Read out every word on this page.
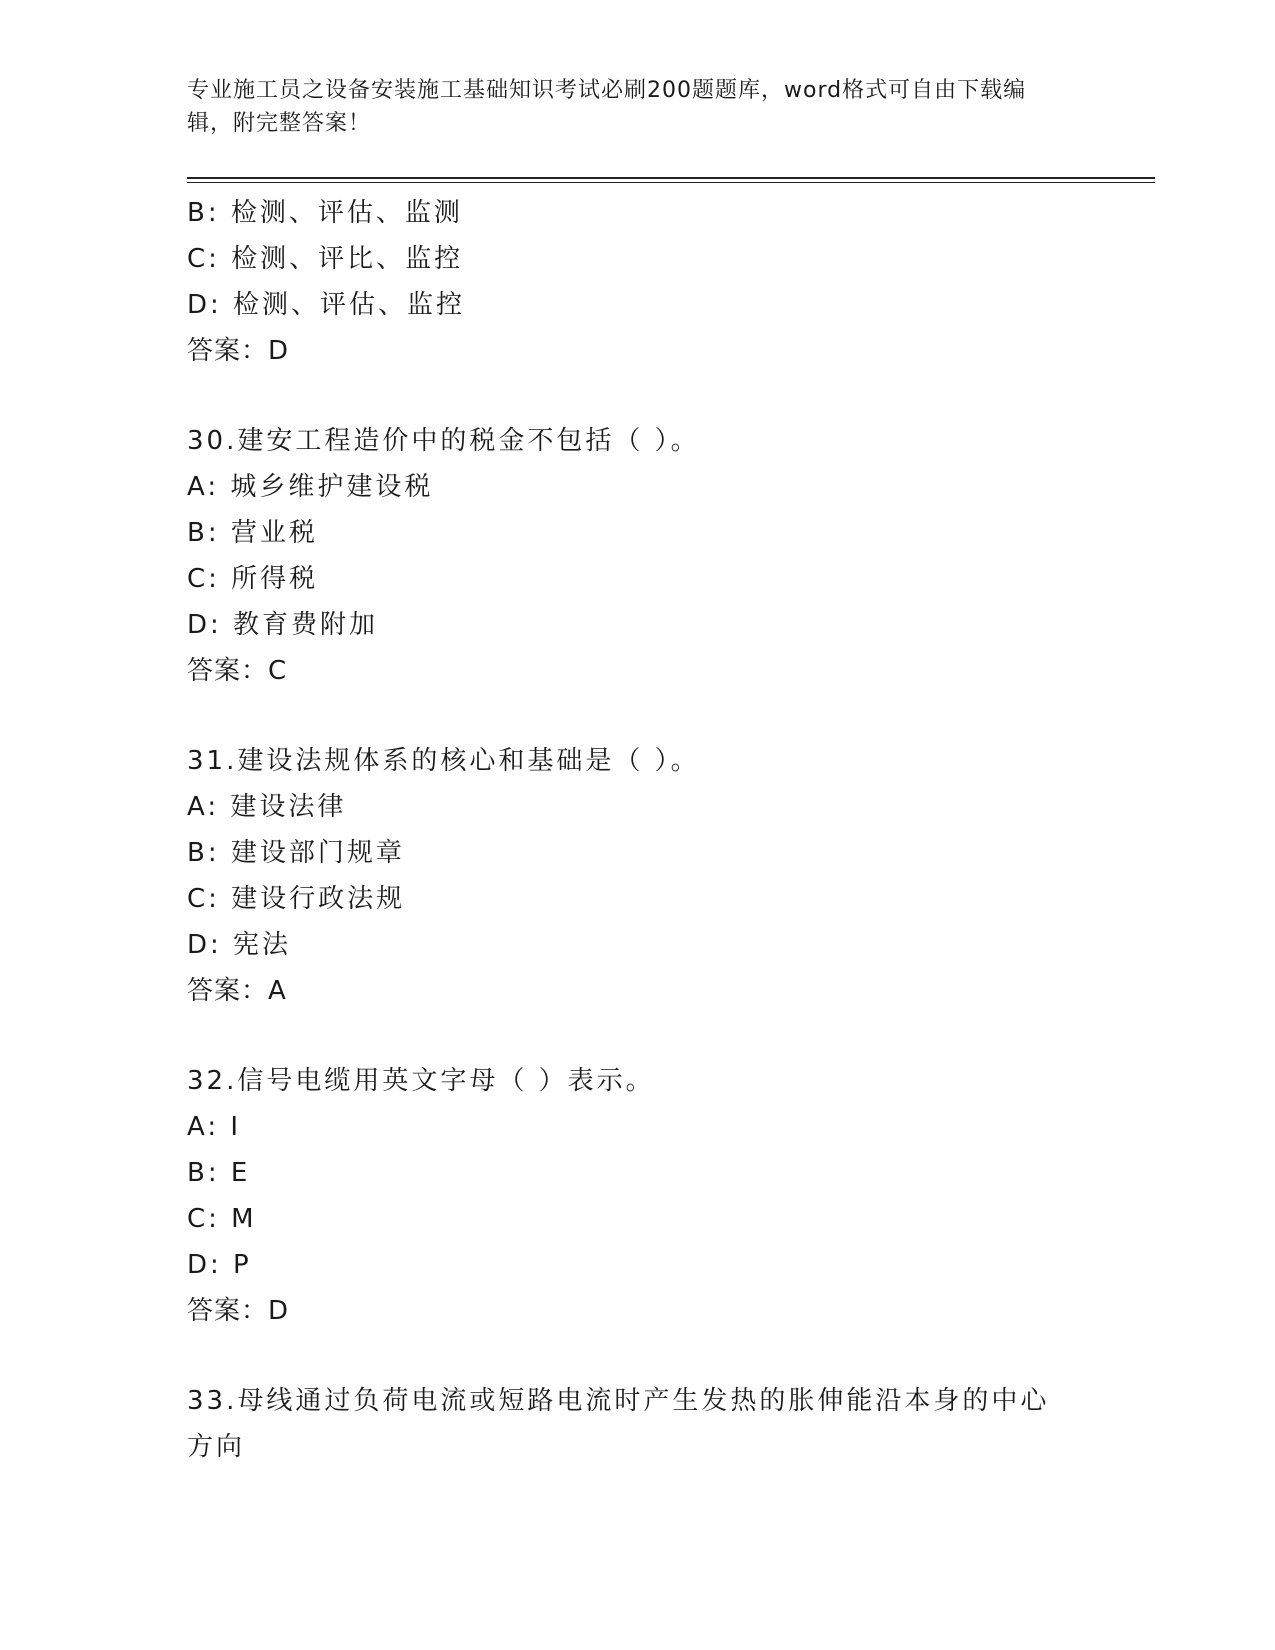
专业施工员之设备安装施工基础知识考试必刷200题题库，word格式可自由下载编辑，附完整答案！
B: 检测、评估、监测
C: 检测、评比、监控
D: 检测、评估、监控
答案：D
30.建安工程造价中的税金不包括（ ）。
A: 城乡维护建设税
B: 营业税
C: 所得税
D: 教育费附加
答案：C
31.建设法规体系的核心和基础是（ ）。
A: 建设法律
B: 建设部门规章
C: 建设行政法规
D: 宪法
答案：A
32.信号电缆用英文字母（ ）表示。
A: I
B: E
C: M
D: P
答案：D
33.母线通过负荷电流或短路电流时产生发热的胀伸能沿本身的中心方向
